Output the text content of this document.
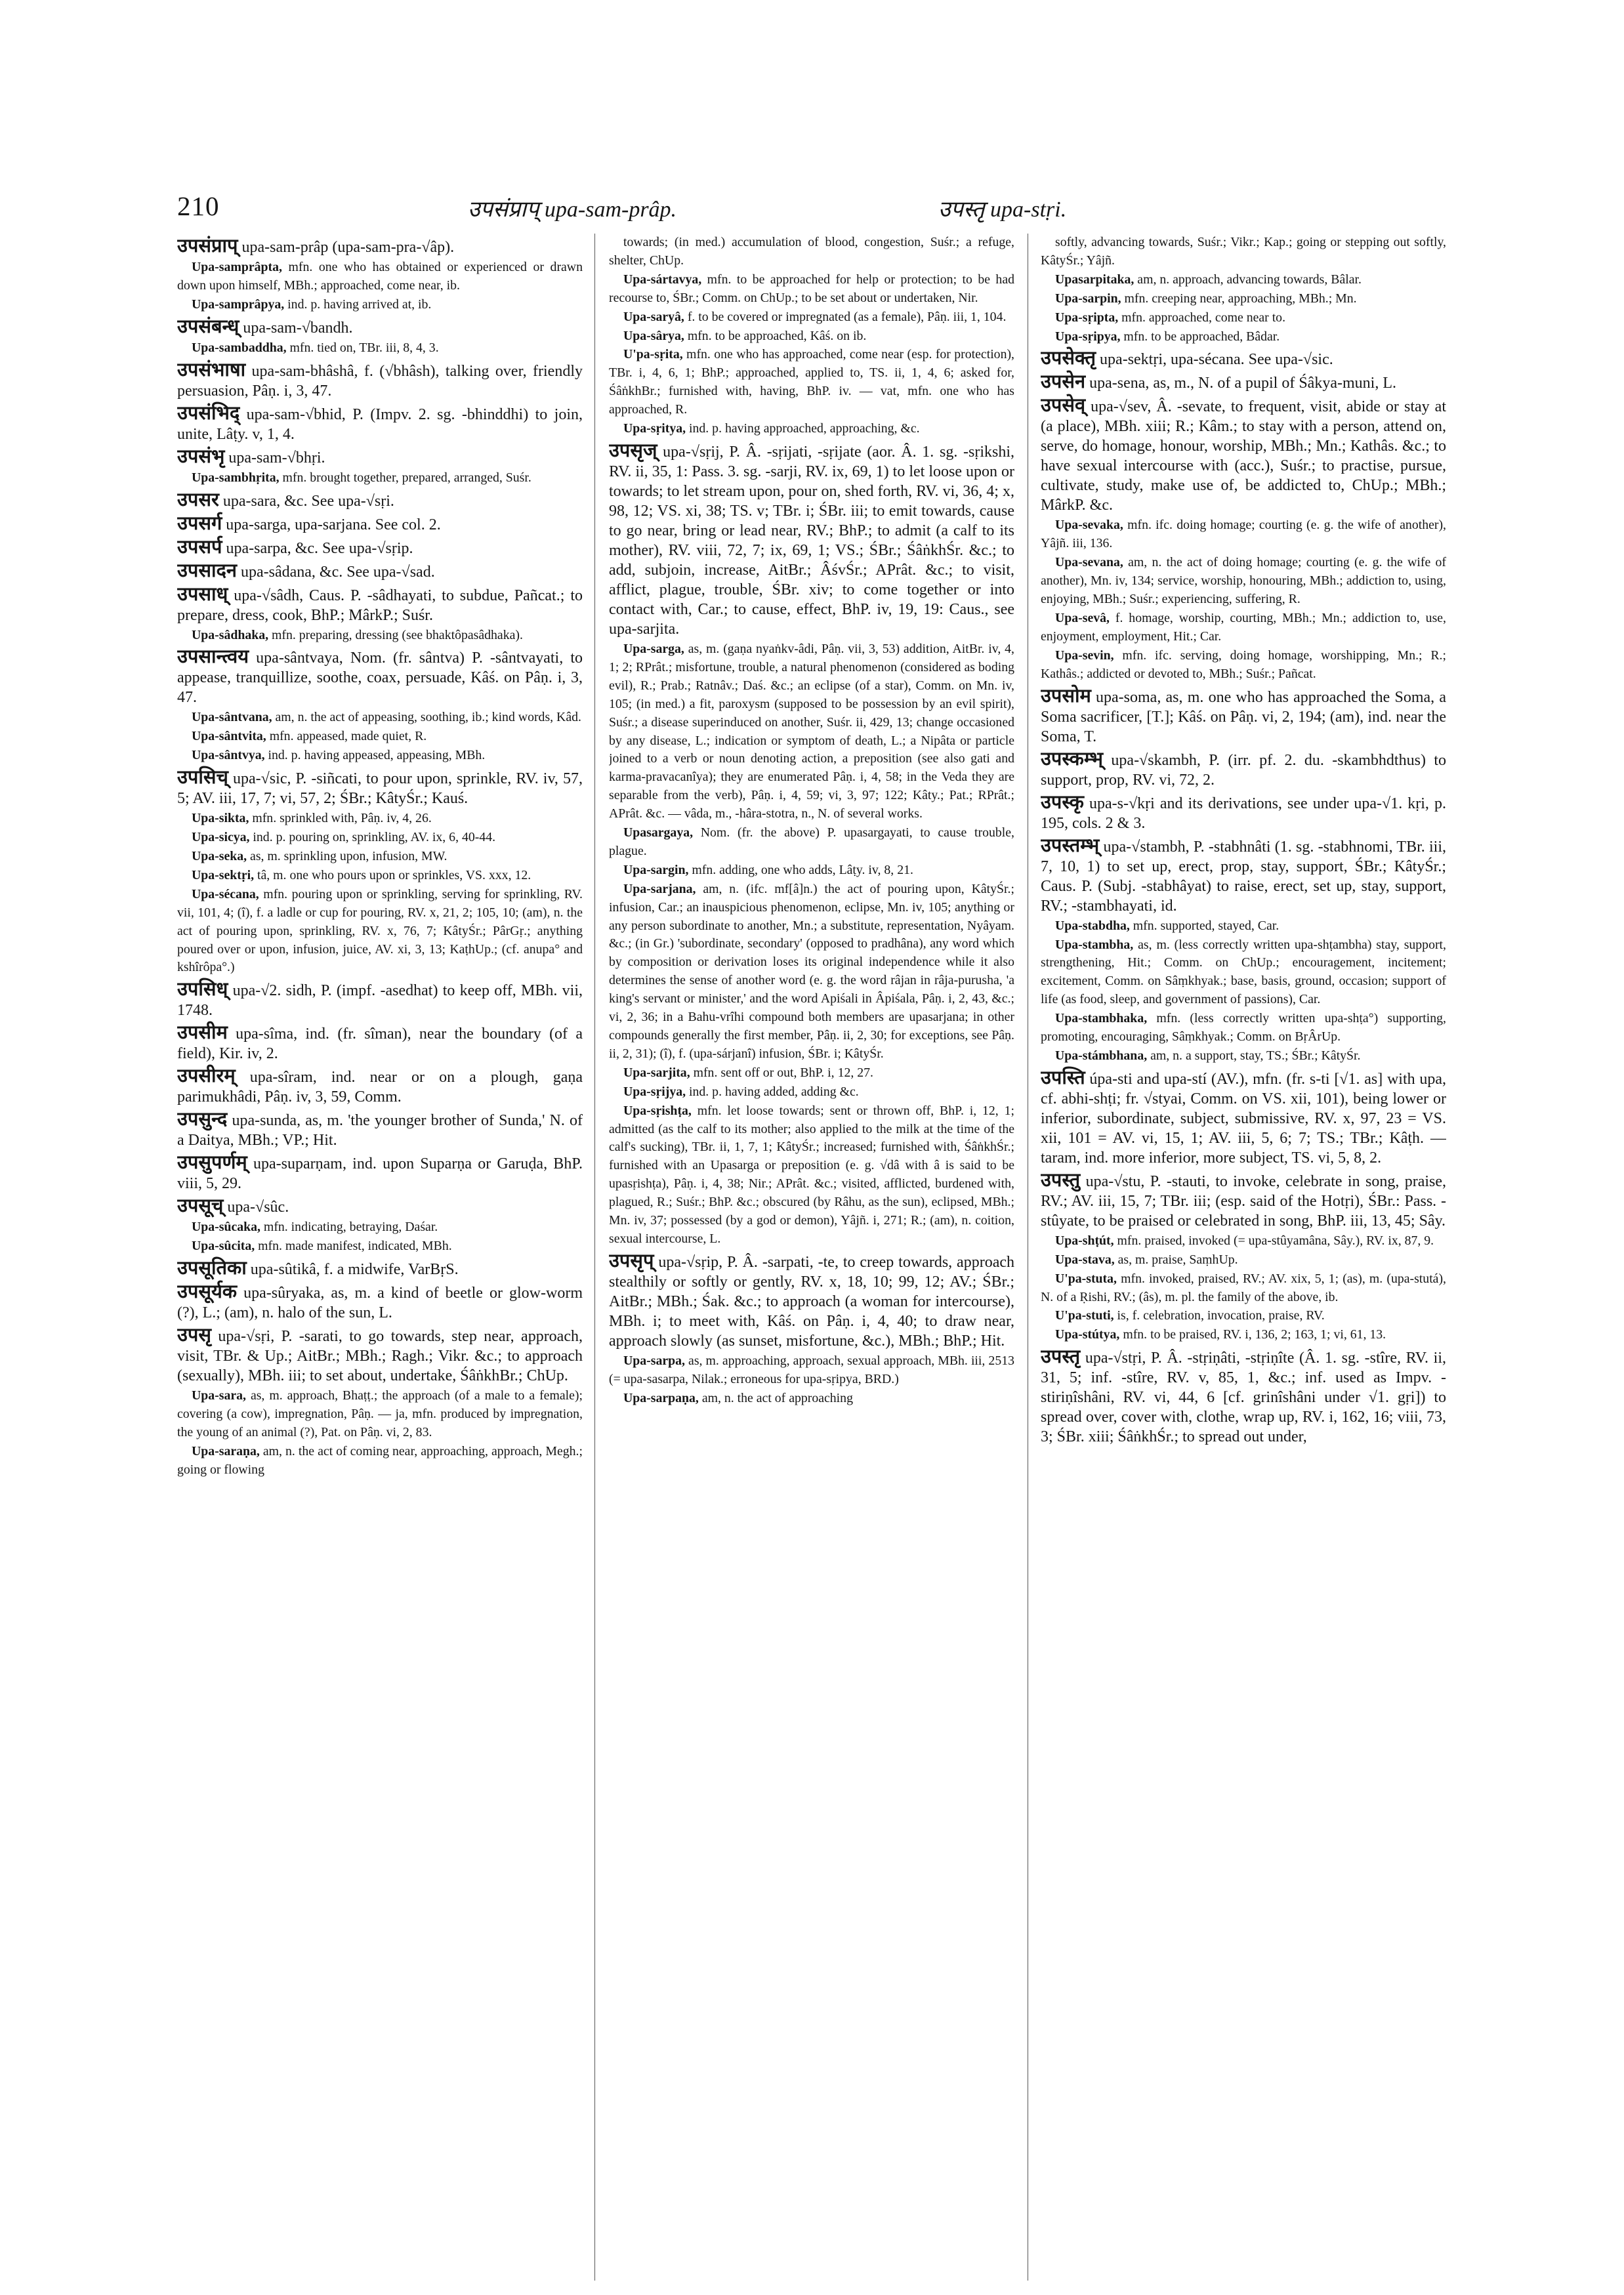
210	उपसंप्राप् upa-sam-prâp.	उपस्तृ upa-stṛi.

उपसंप्राप् upa-sam-prâp (upa-sam-pra-√âp).

Upa-samprâpta, mfn. one who has obtained or experienced or drawn down upon himself, MBh.; approached, come near, ib.

Upa-samprâpya, ind. p. having arrived at, ib.

उपसंबन्ध् upa-sam-√bandh.

Upa-sambaddha, mfn. tied on, TBr. iii, 8, 4, 3.

उपसंभाषा upa-sam-bhâshâ, f. (√bhâsh), talking over, friendly persuasion, Pâṇ. i, 3, 47.

उपसंभिद् upa-sam-√bhid, P. (Impv. 2. sg. -bhinddhi) to join, unite, Lâṭy. v, 1, 4.

उपसंभृ upa-sam-√bhṛi.

Upa-sambhṛita, mfn. brought together, prepared, arranged, Suśr.

उपसर upa-sara, &c. See upa-√sṛi.

उपसर्ग upa-sarga, upa-sarjana. See col. 2.

उपसर्प upa-sarpa, &c. See upa-√sṛip.

उपसादन upa-sâdana, &c. See upa-√sad.

उपसाध् upa-√sâdh, Caus. P. -sâdhayati, to subdue, Pañcat.; to prepare, dress, cook, BhP.; MârkP.; Suśr.

Upa-sâdhaka, mfn. preparing, dressing (see bhaktôpasâdhaka).

उपसान्त्वय upa-sântvaya, Nom. (fr. sântva) P. -sântvayati, to appease, tranquillize, soothe, coax, persuade, Kâś. on Pâṇ. i, 3, 47.

Upa-sântvana, am, n. the act of appeasing, soothing, ib.; kind words, Kâd.

Upa-sântvita, mfn. appeased, made quiet, R.

Upa-sântvya, ind. p. having appeased, appeasing, MBh.

उपसिच् upa-√sic, P. -siñcati, to pour upon, sprinkle, RV. iv, 57, 5; AV. iii, 17, 7; vi, 57, 2; ŚBr.; KâtyŚr.; Kauś.

Upa-sikta, mfn. sprinkled with, Pâṇ. iv, 4, 26.

Upa-sicya, ind. p. pouring on, sprinkling, AV. ix, 6, 40-44.

Upa-seka, as, m. sprinkling upon, infusion, MW.

Upa-sektṛi, tâ, m. one who pours upon or sprinkles, VS. xxx, 12.

Upa-sécana, mfn. pouring upon or sprinkling, serving for sprinkling, RV. vii, 101, 4; (î), f. a ladle or cup for pouring, RV. x, 21, 2; 105, 10; (am), n. the act of pouring upon, sprinkling, RV. x, 76, 7; KâtyŚr.; PârGṛ.; anything poured over or upon, infusion, juice, AV. xi, 3, 13; KaṭhUp.; (cf. anupa° and kshîrôpa°.)

उपसिध् upa-√2. sidh, P. (impf. -asedhat) to keep off, MBh. vii, 1748.

उपसीम upa-sîma, ind. (fr. sîman), near the boundary (of a field), Kir. iv, 2.

उपसीरम् upa-sîram, ind. near or on a plough, gaṇa parimukhâdi, Pâṇ. iv, 3, 59, Comm.

उपसुन्द upa-sunda, as, m. 'the younger brother of Sunda,' N. of a Daitya, MBh.; VP.; Hit.

उपसुपर्णम् upa-suparṇam, ind. upon Suparṇa or Garuḍa, BhP. viii, 5, 29.

उपसूच् upa-√sûc.

Upa-sûcaka, mfn. indicating, betraying, Daśar.

Upa-sûcita, mfn. made manifest, indicated, MBh.

उपसूतिका upa-sûtikâ, f. a midwife, VarBṛS.

उपसूर्यक upa-sûryaka, as, m. a kind of beetle or glow-worm (?), L.; (am), n. halo of the sun, L.

उपसृ upa-√sṛi, P. -sarati, to go towards, step near, approach, visit, TBr. & Up.; AitBr.; MBh.; Ragh.; Vikr. &c.; to approach (sexually), MBh. iii; to set about, undertake, ŚâṅkhBr.; ChUp.

Upa-sara, as, m. approach, Bhaṭṭ.; the approach (of a male to a female); covering (a cow), impregnation, Pâṇ. — ja, mfn. produced by impregnation, the young of an animal (?), Pat. on Pâṇ. vi, 2, 83.

Upa-saraṇa, am, n. the act of coming near, approaching, approach, Megh.; going or flowing

towards; (in med.) accumulation of blood, congestion, Suśr.; a refuge, shelter, ChUp.

Upa-sártavya, mfn. to be approached for help or protection; to be had recourse to, ŚBr.; Comm. on ChUp.; to be set about or undertaken, Nir.

Upa-saryâ, f. to be covered or impregnated (as a female), Pâṇ. iii, 1, 104.

Upa-sârya, mfn. to be approached, Kâś. on ib.

U'pa-sṛita, mfn. one who has approached, come near (esp. for protection), TBr. i, 4, 6, 1; BhP.; approached, applied to, TS. ii, 1, 4, 6; asked for, ŚâṅkhBr.; furnished with, having, BhP. iv. — vat, mfn. one who has approached, R.

Upa-sṛitya, ind. p. having approached, approaching, &c.

उपसृज् upa-√sṛij, P. Â. -sṛijati, -sṛijate (aor. Â. 1. sg. -sṛikshi, RV. ii, 35, 1: Pass. 3. sg. -sarji, RV. ix, 69, 1) to let loose upon or towards; to let stream upon, pour on, shed forth, RV. vi, 36, 4; x, 98, 12; VS. xi, 38; TS. v; TBr. i; ŚBr. iii; to emit towards, cause to go near, bring or lead near, RV.; BhP.; to admit (a calf to its mother), RV. viii, 72, 7; ix, 69, 1; VS.; ŚBr.; ŚâṅkhŚr. &c.; to add, subjoin, increase, AitBr.; ÂśvŚr.; APrât. &c.; to visit, afflict, plague, trouble, ŚBr. xiv; to come together or into contact with, Car.; to cause, effect, BhP. iv, 19, 19: Caus., see upa-sarjita.

Upa-sarga, as, m. (gaṇa nyaṅkv-âdi, Pâṇ. vii, 3, 53) addition, AitBr. iv, 4, 1; 2; RPrât.; misfortune, trouble, a natural phenomenon (considered as boding evil), R.; Prab.; Ratnâv.; Daś. &c.; an eclipse (of a star), Comm. on Mn. iv, 105; (in med.) a fit, paroxysm (supposed to be possession by an evil spirit), Suśr.; a disease superinduced on another, Suśr. ii, 429, 13; change occasioned by any disease, L.; indication or symptom of death, L.; a Nipâta or particle joined to a verb or noun denoting action, a preposition (see also gati and karma-pravacanîya); they are enumerated Pâṇ. i, 4, 58; in the Veda they are separable from the verb), Pâṇ. i, 4, 59; vi, 3, 97; 122; Kâty.; Pat.; RPrât.; APrât. &c. — vâda, m., -hâra-stotra, n., N. of several works.

Upasargaya, Nom. (fr. the above) P. upasargayati, to cause trouble, plague.

Upa-sargin, mfn. adding, one who adds, Lâṭy. iv, 8, 21.

Upa-sarjana, am, n. (ifc. mf[â]n.) the act of pouring upon, KâtyŚr.; infusion, Car.; an inauspicious phenomenon, eclipse, Mn. iv, 105; anything or any person subordinate to another, Mn.; a substitute, representation, Nyâyam. &c.; (in Gr.) 'subordinate, secondary' (opposed to pradhâna), any word which by composition or derivation loses its original independence while it also determines the sense of another word (e. g. the word râjan in râja-purusha, 'a king's servant or minister,' and the word Apiśali in Âpiśala, Pâṇ. i, 2, 43, &c.; vi, 2, 36; in a Bahu-vrîhi compound both members are upasarjana; in other compounds generally the first member, Pâṇ. ii, 2, 30; for exceptions, see Pâṇ. ii, 2, 31); (î), f. (upa-sárjanî) infusion, ŚBr. i; KâtyŚr.

Upa-sarjita, mfn. sent off or out, BhP. i, 12, 27.

Upa-sṛijya, ind. p. having added, adding &c.

Upa-sṛishṭa, mfn. let loose towards; sent or thrown off, BhP. i, 12, 1; admitted (as the calf to its mother; also applied to the milk at the time of the calf's sucking), TBr. ii, 1, 7, 1; KâtyŚr.; increased; furnished with, ŚâṅkhŚr.; furnished with an Upasarga or preposition (e. g. √dâ with â is said to be upasṛishṭa), Pâṇ. i, 4, 38; Nir.; APrât. &c.; visited, afflicted, burdened with, plagued, R.; Suśr.; BhP. &c.; obscured (by Râhu, as the sun), eclipsed, MBh.; Mn. iv, 37; possessed (by a god or demon), Yâjñ. i, 271; R.; (am), n. coition, sexual intercourse, L.

उपसृप् upa-√sṛip, P. Â. -sarpati, -te, to creep towards, approach stealthily or softly or gently, RV. x, 18, 10; 99, 12; AV.; ŚBr.; AitBr.; MBh.; Śak. &c.; to approach (a woman for intercourse), MBh. i; to meet with, Kâś. on Pâṇ. i, 4, 40; to draw near, approach slowly (as sunset, misfortune, &c.), MBh.; BhP.; Hit.

Upa-sarpa, as, m. approaching, approach, sexual approach, MBh. iii, 2513 (= upa-sasarpa, Nilak.; erroneous for upa-sṛipya, BRD.)

Upa-sarpaṇa, am, n. the act of approaching

softly, advancing towards, Suśr.; Vikr.; Kap.; going or stepping out softly, KâtyŚr.; Yâjñ.

Upasarpitaka, am, n. approach, advancing towards, Bâlar.

Upa-sarpin, mfn. creeping near, approaching, MBh.; Mn.

Upa-sṛipta, mfn. approached, come near to.

Upa-sṛipya, mfn. to be approached, Bâdar.

उपसेक्तृ upa-sektṛi, upa-sécana. See upa-√sic.

उपसेन upa-sena, as, m., N. of a pupil of Śâkya-muni, L.

उपसेव् upa-√sev, Â. -sevate, to frequent, visit, abide or stay at (a place), MBh. xiii; R.; Kâm.; to stay with a person, attend on, serve, do homage, honour, worship, MBh.; Mn.; Kathâs. &c.; to have sexual intercourse with (acc.), Suśr.; to practise, pursue, cultivate, study, make use of, be addicted to, ChUp.; MBh.; MârkP. &c.

Upa-sevaka, mfn. ifc. doing homage; courting (e. g. the wife of another), Yâjñ. iii, 136.

Upa-sevana, am, n. the act of doing homage; courting (e. g. the wife of another), Mn. iv, 134; service, worship, honouring, MBh.; addiction to, using, enjoying, MBh.; Suśr.; experiencing, suffering, R.

Upa-sevâ, f. homage, worship, courting, MBh.; Mn.; addiction to, use, enjoyment, employment, Hit.; Car.

Upa-sevin, mfn. ifc. serving, doing homage, worshipping, Mn.; R.; Kathâs.; addicted or devoted to, MBh.; Suśr.; Pañcat.

उपसोम upa-soma, as, m. one who has approached the Soma, a Soma sacrificer, [T.]; Kâś. on Pâṇ. vi, 2, 194; (am), ind. near the Soma, T.

उपस्कम्भ् upa-√skambh, P. (irr. pf. 2. du. -skambhdthus) to support, prop, RV. vi, 72, 2.

उपस्कृ upa-s-√kṛi and its derivations, see under upa-√1. kṛi, p. 195, cols. 2 & 3.

उपस्तम्भ् upa-√stambh, P. -stabhnâti (1. sg. -stabhnomi, TBr. iii, 7, 10, 1) to set up, erect, prop, stay, support, ŚBr.; KâtyŚr.; Caus. P. (Subj. -stabhâyat) to raise, erect, set up, stay, support, RV.; -stambhayati, id.

Upa-stabdha, mfn. supported, stayed, Car.

Upa-stambha, as, m. (less correctly written upa-shṭambha) stay, support, strengthening, Hit.; Comm. on ChUp.; encouragement, incitement; excitement, Comm. on Sâṃkhyak.; base, basis, ground, occasion; support of life (as food, sleep, and government of passions), Car.

Upa-stambhaka, mfn. (less correctly written upa-shṭa°) supporting, promoting, encouraging, Sâṃkhyak.; Comm. on BṛÂrUp.

Upa-stámbhana, am, n. a support, stay, TS.; ŚBr.; KâtyŚr.

उपस्ति úpa-sti and upa-stí (AV.), mfn. (fr. s-ti [√1. as] with upa, cf. abhi-shṭi; fr. √styai, Comm. on VS. xii, 101), being lower or inferior, subordinate, subject, submissive, RV. x, 97, 23 = VS. xii, 101 = AV. vi, 15, 1; AV. iii, 5, 6; 7; TS.; TBr.; Kâṭh. — taram, ind. more inferior, more subject, TS. vi, 5, 8, 2.

उपस्तु upa-√stu, P. -stauti, to invoke, celebrate in song, praise, RV.; AV. iii, 15, 7; TBr. iii; (esp. said of the Hotṛi), ŚBr.: Pass. -stûyate, to be praised or celebrated in song, BhP. iii, 13, 45; Sây.

Upa-shṭút, mfn. praised, invoked (= upa-stûyamâna, Sây.), RV. ix, 87, 9.

Upa-stava, as, m. praise, SaṃhUp.

U'pa-stuta, mfn. invoked, praised, RV.; AV. xix, 5, 1; (as), m. (upa-stutá), N. of a Ṛishi, RV.; (âs), m. pl. the family of the above, ib.

U'pa-stuti, is, f. celebration, invocation, praise, RV.

Upa-stútya, mfn. to be praised, RV. i, 136, 2; 163, 1; vi, 61, 13.

उपस्तृ upa-√stṛi, P. Â. -stṛiṇâti, -stṛiṇîte (Â. 1. sg. -stîre, RV. ii, 31, 5; inf. -stîre, RV. v, 85, 1, &c.; inf. used as Impv. -stiriṇîshâni, RV. vi, 44, 6 [cf. grinîshâni under √1. gṛi]) to spread over, cover with, clothe, wrap up, RV. i, 162, 16; viii, 73, 3; ŚBr. xiii; ŚâṅkhŚr.; to spread out under,
